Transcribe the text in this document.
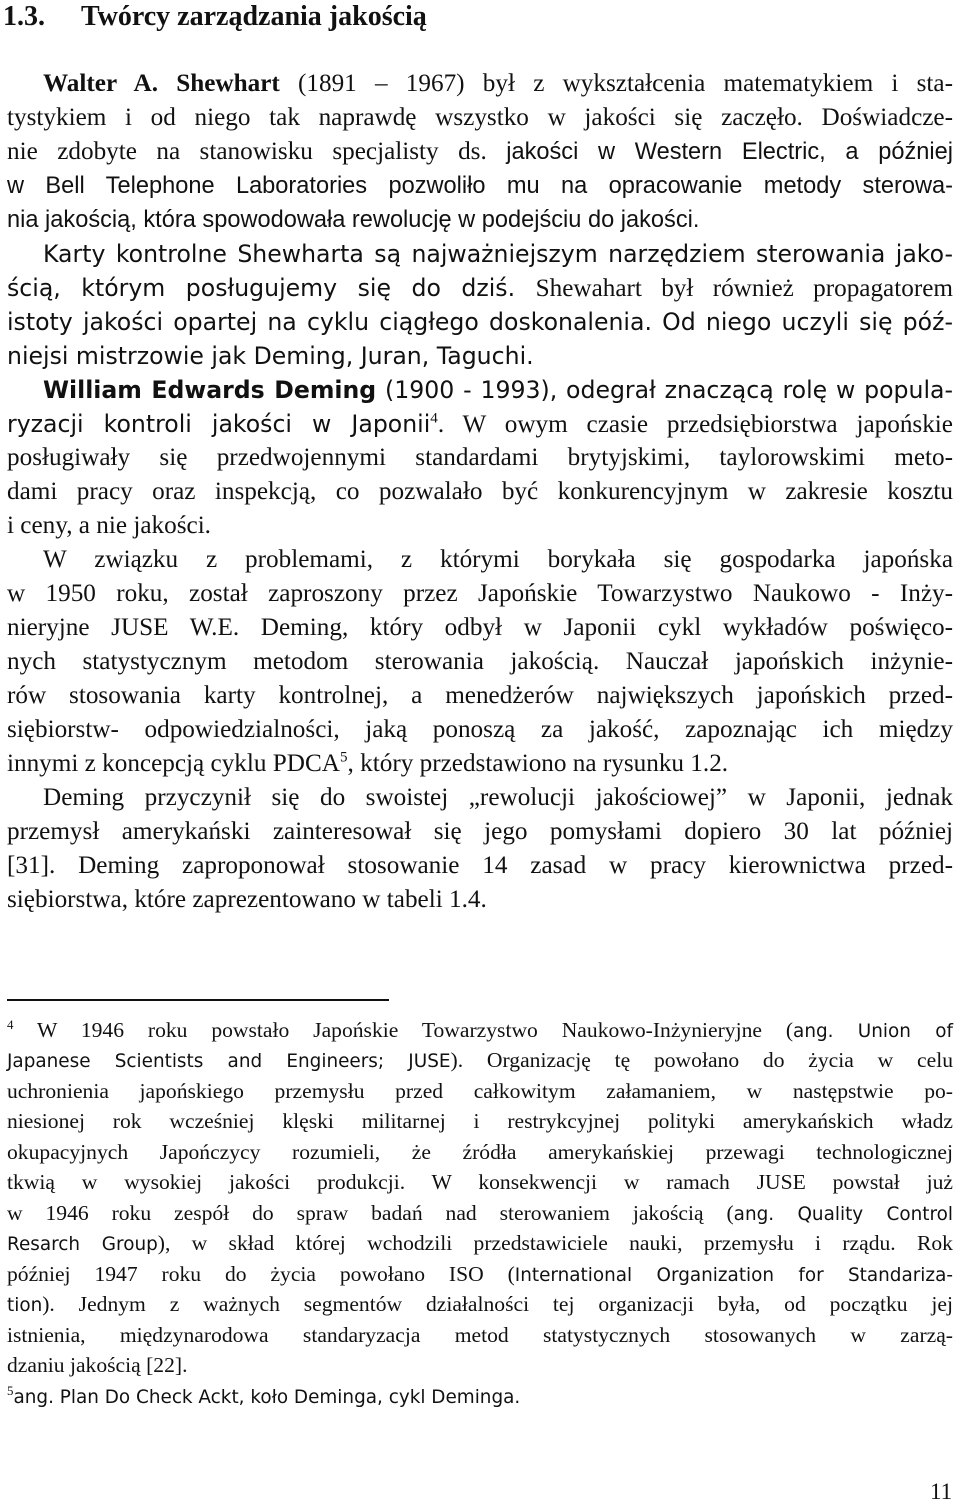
1.3. Twórcy zarządzania jakością
Walter A. Shewhart (1891 – 1967) był z wykształcenia matematykiem i sta-
tystykiem i od niego tak naprawdę wszystko w jakości się zaczęło. Doświadcze-
nie zdobyte na stanowisku specjalisty ds. jakości w Western Electric, a później
w Bell Telephone Laboratories pozwoliło mu na opracowanie metody sterowa-
nia jakością, która spowodowała rewolucję w podejściu do jakości.
Karty kontrolne Shewharta są najważniejszym narzędziem sterowania jako-
ścią, którym posługujemy się do dziś. Shewahart był również propagatorem
istoty jakości opartej na cyklu ciągłego doskonalenia. Od niego uczyli się póź-
niejsi mistrzowie jak Deming, Juran, Taguchi.
William Edwards Deming (1900 - 1993), odegrał znaczącą rolę w popula-
ryzacji kontroli jakości w Japonii$^4$. W owym czasie przedsiębiorstwa japońskie
posługiwały się przedwojennymi standardami brytyjskimi, taylorowskimi meto-
dami pracy oraz inspekcją, co pozwalało być konkurencyjnym w zakresie kosztu
i ceny, a nie jakości.
W związku z problemami, z którymi borykała się gospodarka japońska
w 1950 roku, został zaproszony przez Japońskie Towarzystwo Naukowo - Inży-
nieryjne JUSE W.E. Deming, który odbył w Japonii cykl wykładów poświęco-
nych statystycznym metodom sterowania jakością. Naucza​ł japońskich inżynie-
rów stosowania karty kontrolnej, a menedżerów największych japońskich przed-
siębiorstw- odpowiedzialności, jaką ponoszą za jakość, zapoznając ich między
innymi z koncepcją cyklu PDCA$^5$, który przedstawiono na rysunku 1.2.
Deming przyczynił się do swoistej „rewolucji jakościowej” w Japonii, jednak
przemysł amerykański zainteresował się jego pomysłami dopiero 30 lat później
[31]. Deming zaproponował stosowanie 14 zasad w pracy kierownictwa przed-
siębiorstwa, które zaprezentowano w tabeli 1.4.
$^4$ W 1946 roku powstało Japońskie Towarzystwo Naukowo-Inżynieryjne (ang. Union of
Japanese Scientists and Engineers; JUSE). Organizację tę powołano do życia w celu
uchronienia japońskiego przemysłu przed całkowitym załamaniem, w następstwie po-
niesionej rok wcześniej klęski militarnej i restrykcyjnej polityki amerykańskich władz
okupacyjnych Japończycy rozumieli, że źródła amerykańskiej przewagi technologicznej
tkwią w wysokiej jakości produkcji. W konsekwencji w ramach JUSE powstał już
w 1946 roku zespół do spraw badań nad sterowaniem jakością (ang. Quality Control
Resarch Group), w skład której wchodzili przedstawiciele nauki, przemysłu i rządu. Rok
później 1947 roku do życia powołano ISO (International Organization for Standariza-
tion). Jednym z ważnych segmentów działalności tej organizacji była, od początku jej
istnienia, międzynarodowa standaryzacja metod statystycznych stosowanych w zarzą-
dzaniu jakością [22].
$^5$ang. Plan Do Check Ackt, koło Deminga, cykl Deminga.
11
